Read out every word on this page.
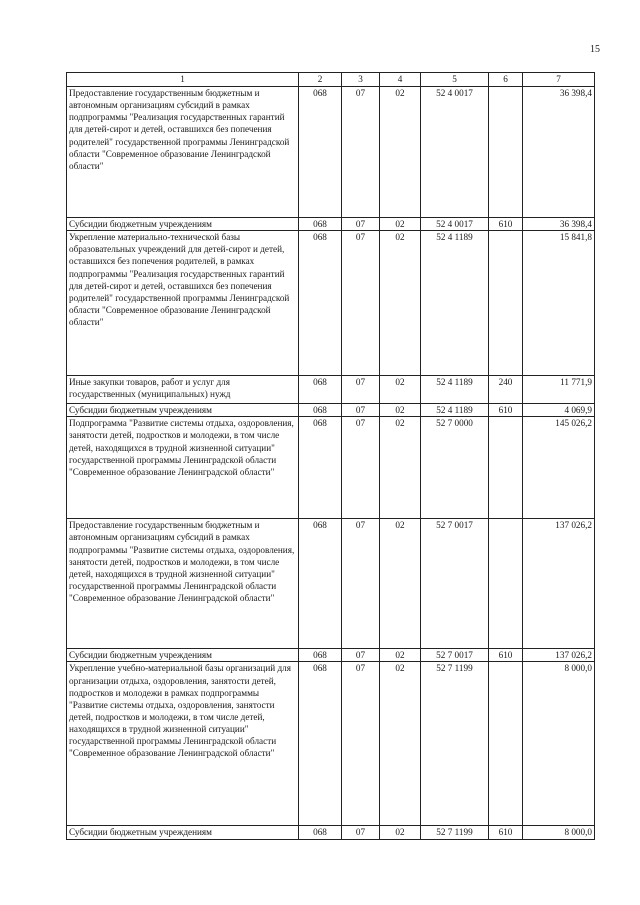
15
1	2	3	4	5	6	7
Предоставление государственным бюджетным и автономным организациям субсидий в рамках подпрограммы "Реализация государственных гарантий для детей-сирот и детей, оставшихся без попечения родителей" государственной программы Ленинградской области "Современное образование Ленинградской области"	068	07	02	52 4 0017		36 398,4
Субсидии бюджетным учреждениям	068	07	02	52 4 0017	610	36 398,4
Укрепление материально-технической базы образовательных учреждений для детей-сирот и детей, оставшихся без попечения родителей, в рамках подпрограммы "Реализация государственных гарантий для детей-сирот и детей, оставшихся без попечения родителей" государственной программы Ленинградской области "Современное образование Ленинградской области"	068	07	02	52 4 1189		15 841,8
Иные закупки товаров, работ и услуг для государственных (муниципальных) нужд	068	07	02	52 4 1189	240	11 771,9
Субсидии бюджетным учреждениям	068	07	02	52 4 1189	610	4 069,9
Подпрограмма "Развитие системы отдыха, оздоровления, занятости детей, подростков и молодежи, в том числе детей, находящихся в трудной жизненной ситуации" государственной программы Ленинградской области "Современное образование Ленинградской области"	068	07	02	52 7 0000		145 026,2
Предоставление государственным бюджетным и автономным организациям субсидий в рамках подпрограммы "Развитие системы отдыха, оздоровления, занятости детей, подростков и молодежи, в том числе детей, находящихся в трудной жизненной ситуации" государственной программы Ленинградской области "Современное образование Ленинградской области"	068	07	02	52 7 0017		137 026,2
Субсидии бюджетным учреждениям	068	07	02	52 7 0017	610	137 026,2
Укрепление учебно-материальной базы организаций для организации отдыха, оздоровления, занятости детей, подростков и молодежи в рамках подпрограммы "Развитие системы отдыха, оздоровления, занятости детей, подростков и молодежи, в том числе детей, находящихся в трудной жизненной ситуации" государственной программы Ленинградской области "Современное образование Ленинградской области"	068	07	02	52 7 1199		8 000,0
Субсидии бюджетным учреждениям	068	07	02	52 7 1199	610	8 000,0
